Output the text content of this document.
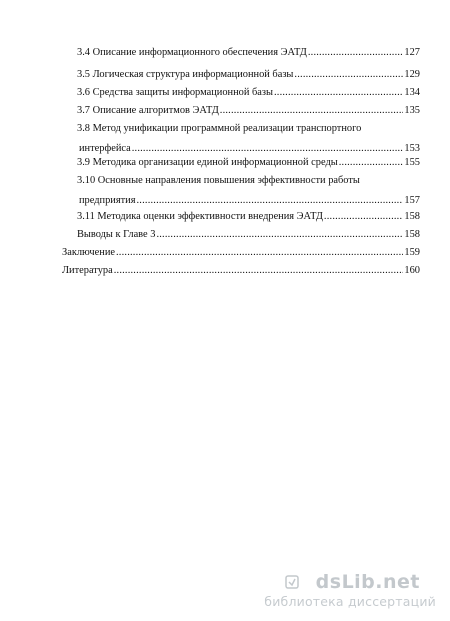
3.4 Описание информационного обеспечения ЭАТД .....	127
3.5 Логическая структура информационной базы .....	129
3.6 Средства защиты информационной базы .....	134
3.7 Описание алгоритмов ЭАТД .....	135
3.8 Метод унификации программной реализации транспортного
интерфейса .....	153
3.9 Методика организации единой информационной среды .....	155
3.10 Основные направления повышения эффективности работы
предприятия .....	157
3.11 Методика оценки эффективности внедрения ЭАТД .....	158
Выводы к Главе 3 .....	158
Заключение .....	159
Литература .....	160
dsLib.net
библиотека диссертаций
